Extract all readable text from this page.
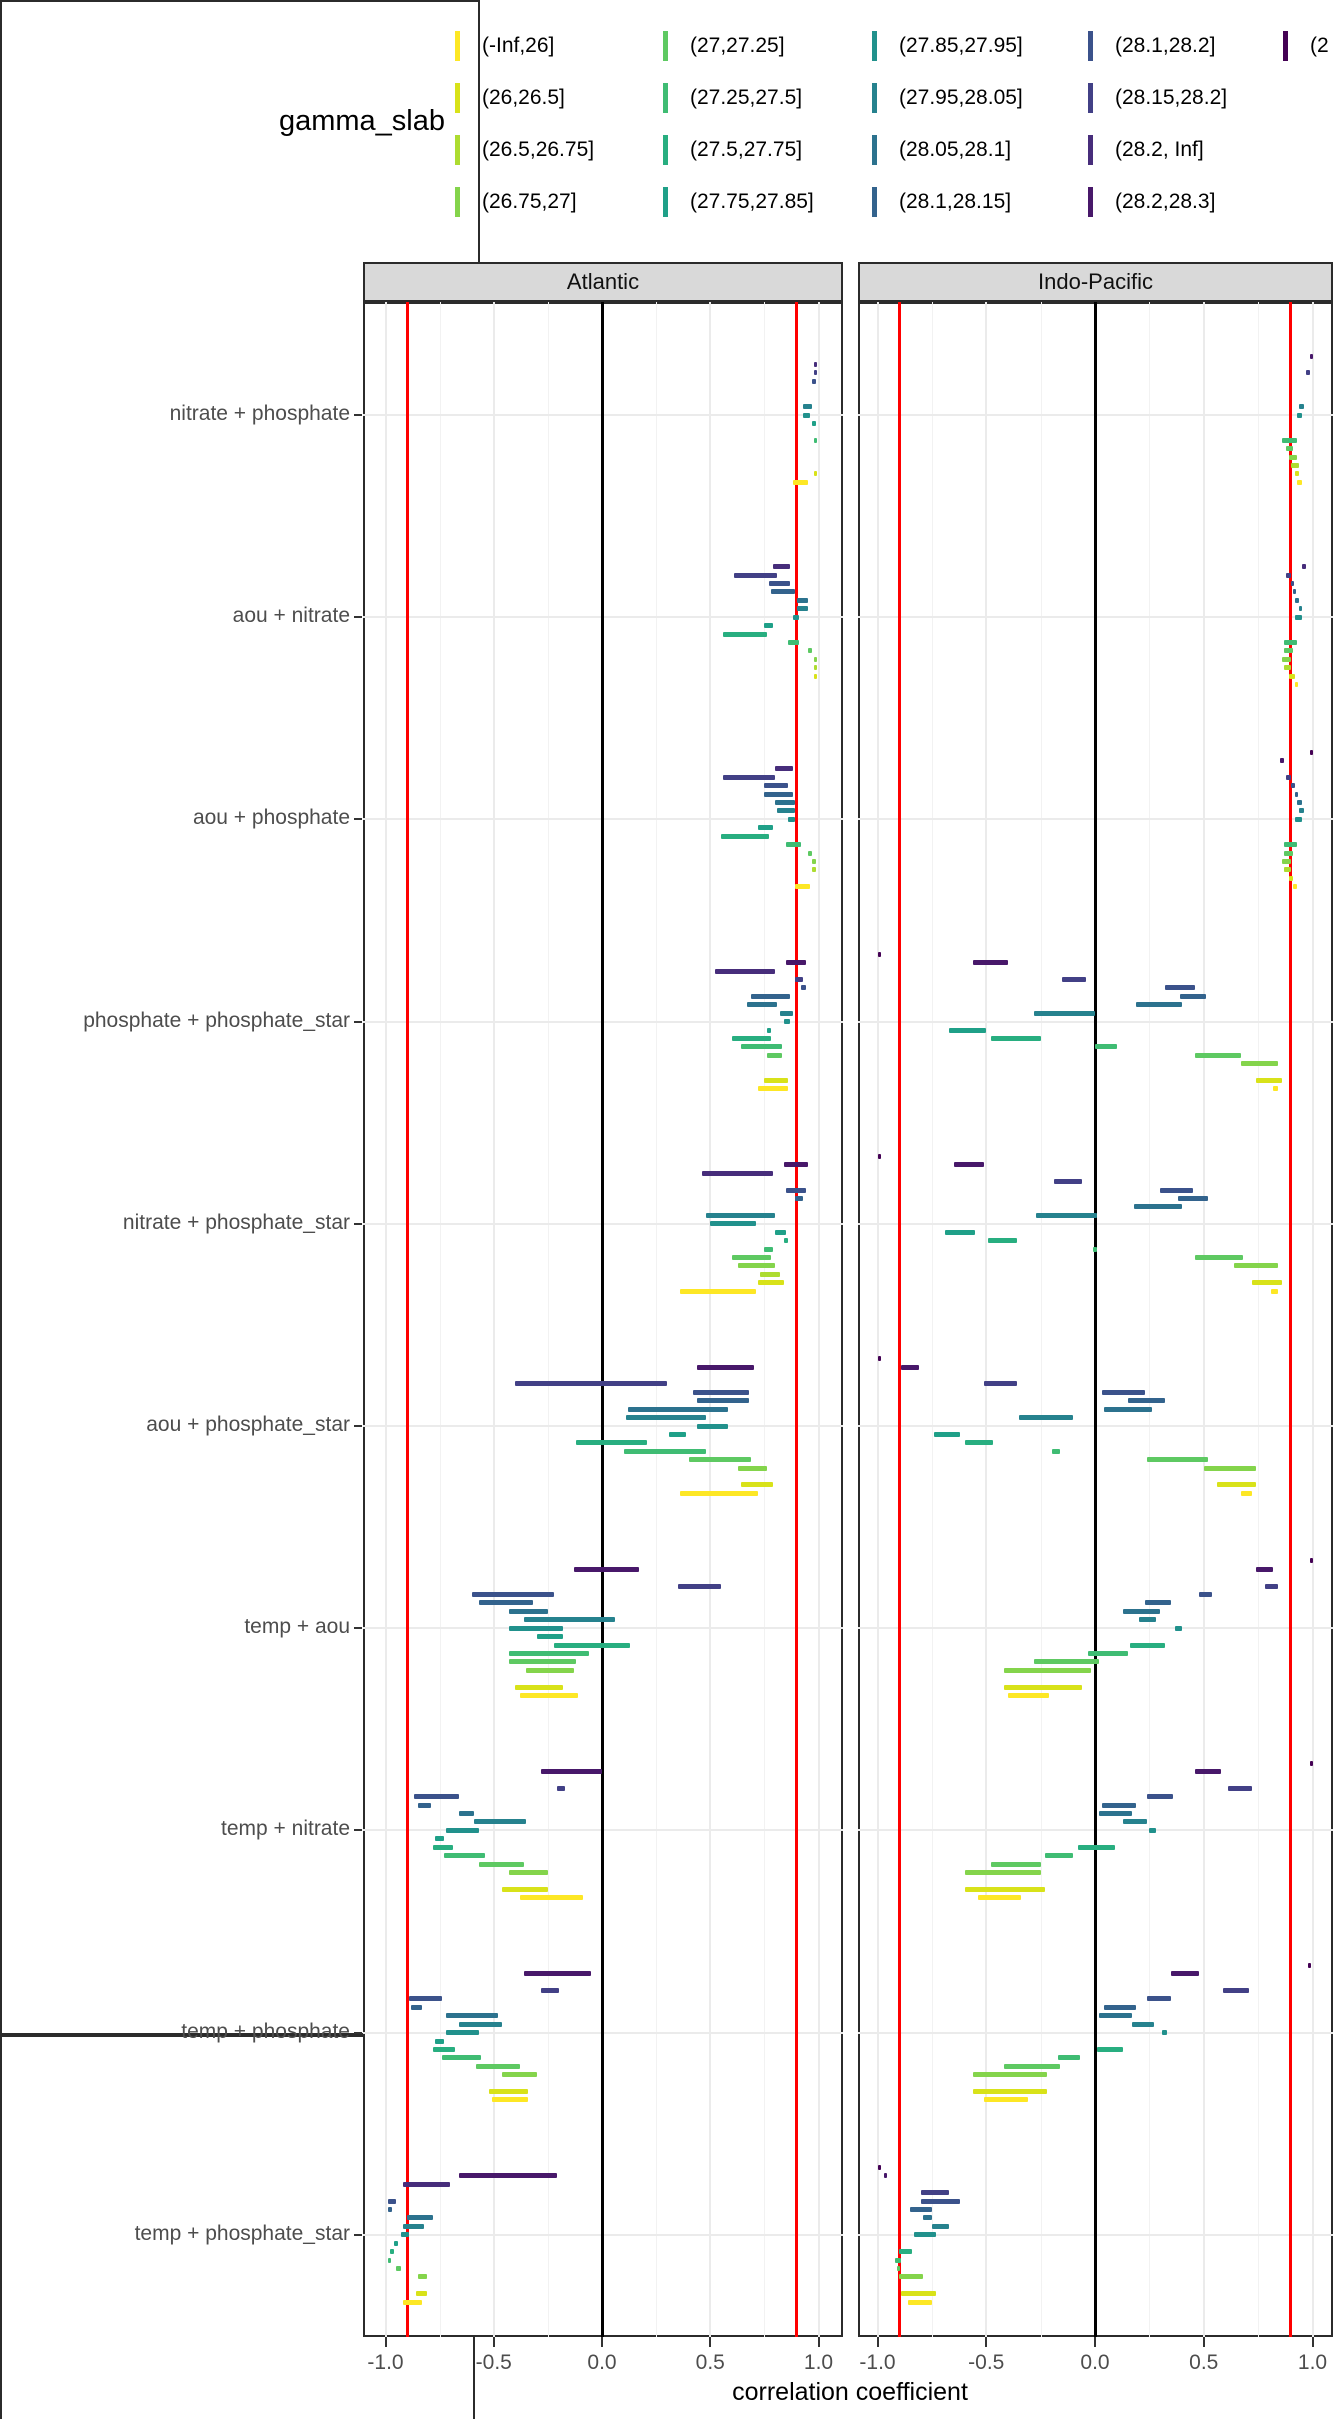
gamma_slab
(-Inf,26]
(26,26.5]
(26.5,26.75]
(26.75,27]
(27,27.25]
(27.25,27.5]
(27.5,27.75]
(27.75,27.85]
(27.85,27.95]
(27.95,28.05]
(28.05,28.1]
(28.1,28.15]
(28.1,28.2]
(28.15,28.2]
(28.2, Inf]
(28.2,28.3]
(2
Atlantic
-1.0	-0.5	0.0	0.5	1.0
Indo-Pacific
-1.0	-0.5	0.0	0.5	1.0
nitrate + phosphate
aou + nitrate
aou + phosphate
phosphate + phosphate_star
nitrate + phosphate_star
aou + phosphate_star
temp + aou
temp + nitrate
temp + phosphate
temp + phosphate_star
correlation coefficient
